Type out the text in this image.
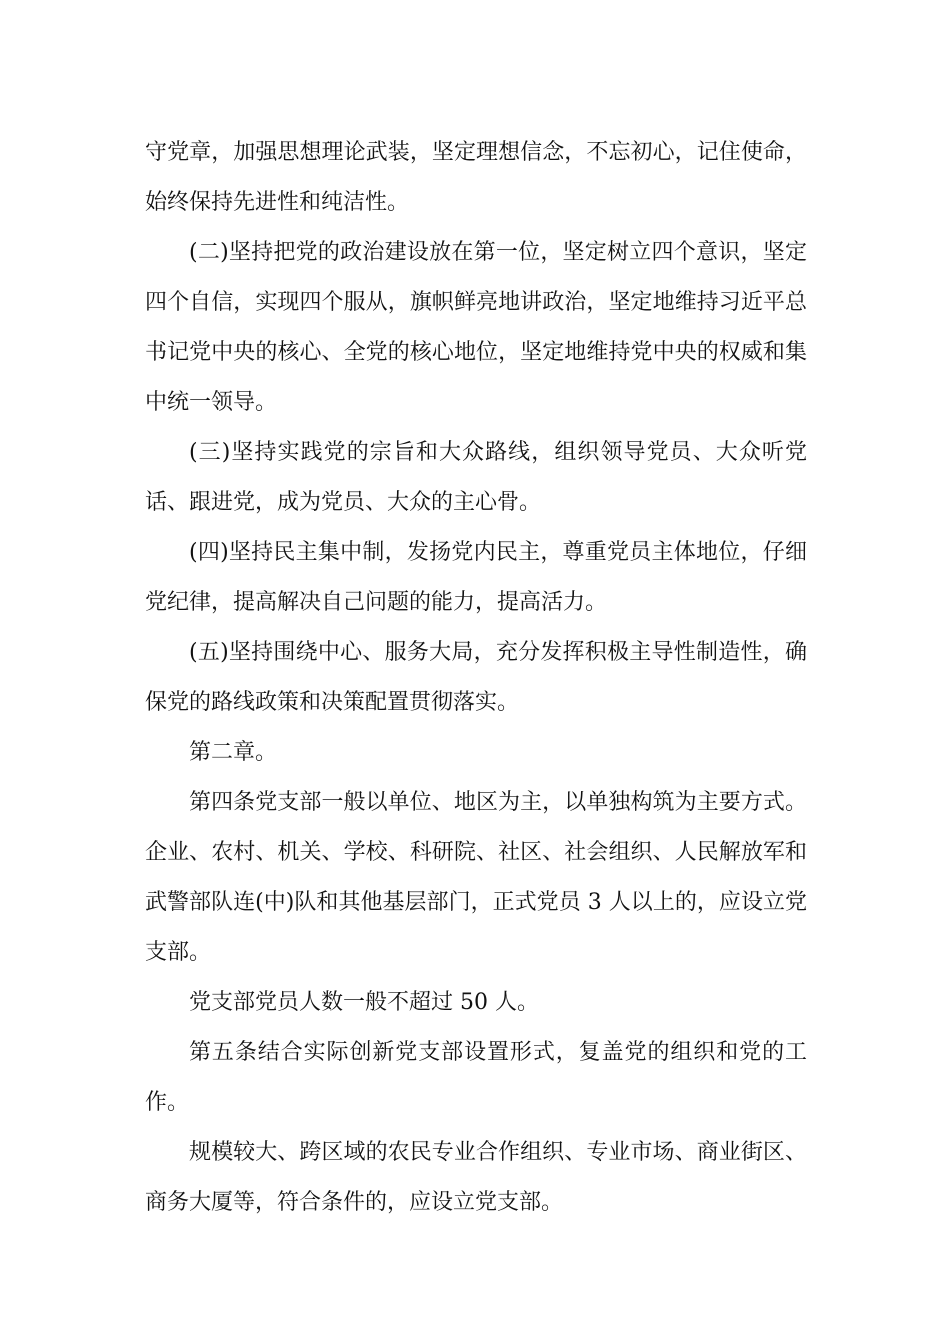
守党章，加强思想理论武装，坚定理想信念，不忘初心，记住使命，始终保持先进性和纯洁性。

(二)坚持把党的政治建设放在第一位，坚定树立四个意识，坚定四个自信，实现四个服从，旗帜鲜亮地讲政治，坚定地维持习近平总书记党中央的核心、全党的核心地位，坚定地维持党中央的权威和集中统一领导。

(三)坚持实践党的宗旨和大众路线，组织领导党员、大众听党话、跟进党，成为党员、大众的主心骨。

(四)坚持民主集中制，发扬党内民主，尊重党员主体地位，仔细党纪律，提高解决自己问题的能力，提高活力。

(五)坚持围绕中心、服务大局，充分发挥积极主导性制造性，确保党的路线政策和决策配置贯彻落实。

第二章。

第四条党支部一般以单位、地区为主，以单独构筑为主要方式。企业、农村、机关、学校、科研院、社区、社会组织、人民解放军和武警部队连(中)队和其他基层部门，正式党员 3 人以上的，应设立党支部。

党支部党员人数一般不超过 50 人。

第五条结合实际创新党支部设置形式，复盖党的组织和党的工作。

规模较大、跨区域的农民专业合作组织、专业市场、商业街区、商务大厦等，符合条件的，应设立党支部。
